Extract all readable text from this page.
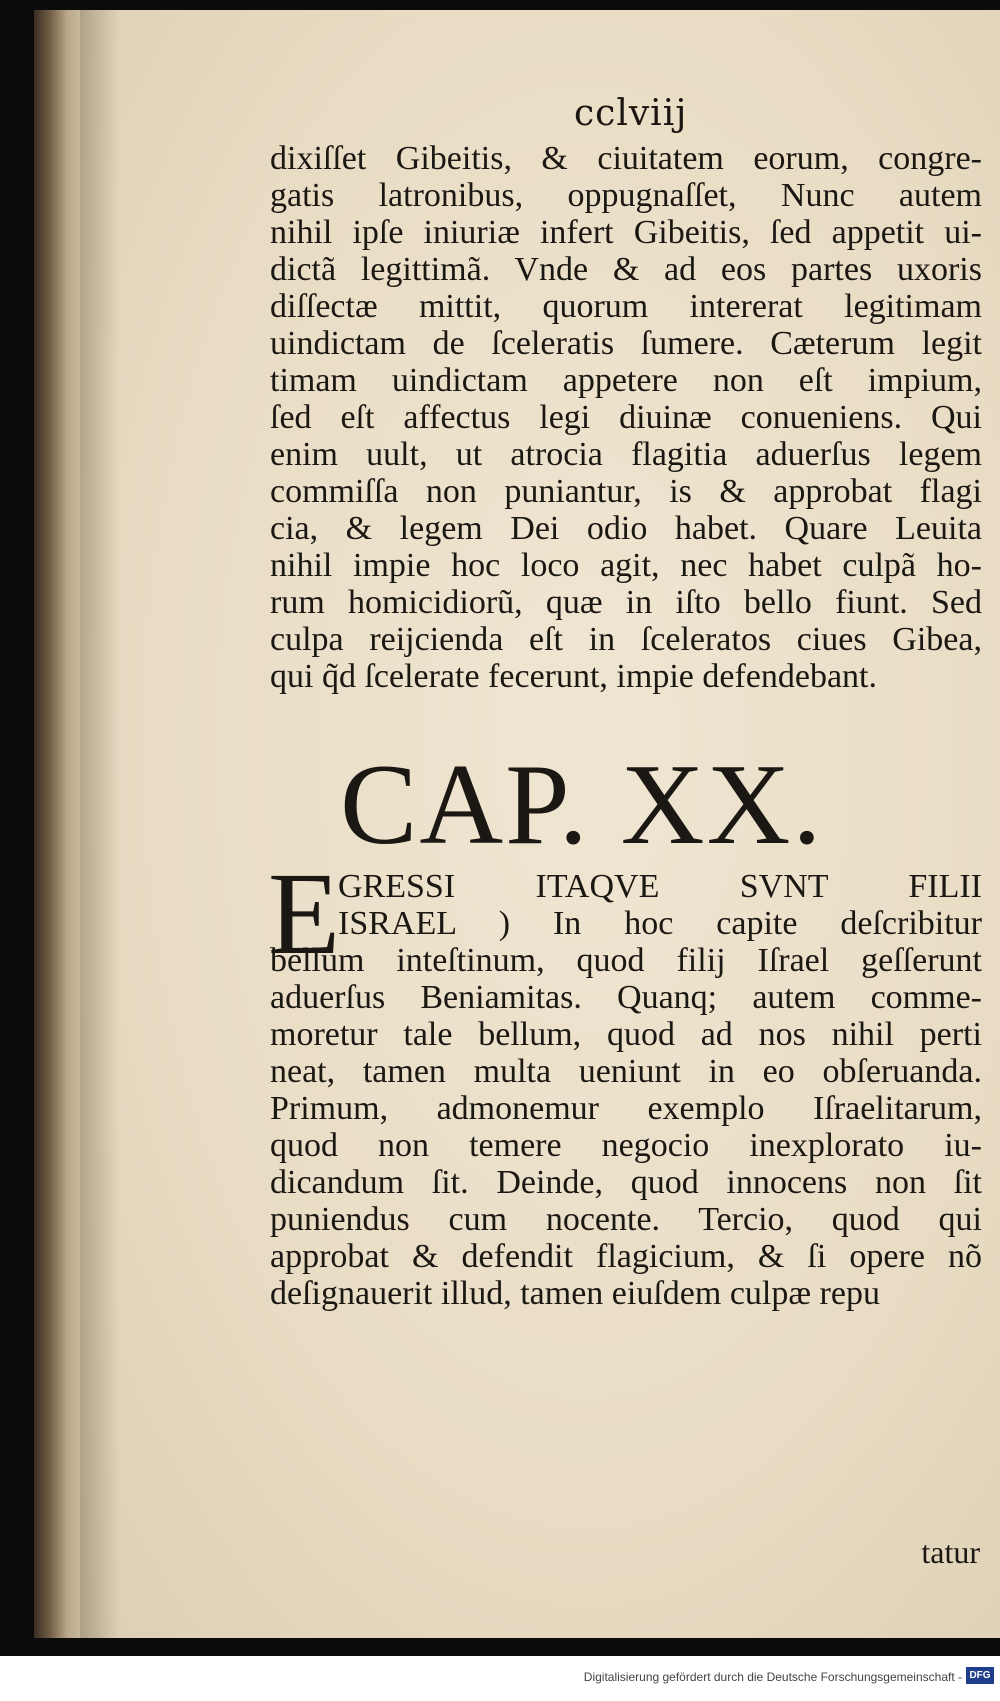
cclviij
dixiſſet Gibeitis, & ciuitatem eorum, congre-
gatis latronibus, oppugnaſſet, Nunc autem
nihil ipſe iniuriæ infert Gibeitis, ſed appetit ui-
dictã legittimã. Vnde & ad eos partes uxoris
diſſectæ mittit, quorum intererat legitimam
uindictam de ſceleratis ſumere. Cæterum legit
timam uindictam appetere non eſt impium,
ſed eſt affectus legi diuinæ conueniens. Qui
enim uult, ut atrocia flagitia aduerſus legem
commiſſa non puniantur, is & approbat flagi
cia, & legem Dei odio habet. Quare Leuita
nihil impie hoc loco agit, nec habet culpã ho-
rum homicidiorũ, quæ in iſto bello fiunt. Sed
culpa reijcienda eſt in ſceleratos ciues Gibea,
qui q̃d ſcelerate fecerunt, impie defendebant.
CAP. XX.
E
GRESSI ITAQVE SVNT FILII
ISRAEL ) In hoc capite deſcribitur
bellum inteſtinum, quod filij Iſrael geſſerunt
aduerſus Beniamitas. Quanq; autem comme-
moretur tale bellum, quod ad nos nihil perti
neat, tamen multa ueniunt in eo obſeruanda.
Primum, admonemur exemplo Iſraelitarum,
quod non temere negocio inexplorato iu-
dicandum ſit. Deinde, quod innocens non ſit
puniendus cum nocente. Tercio, quod qui
approbat & defendit flagicium, & ſi opere nõ
deſignauerit illud, tamen eiuſdem culpæ repu
tatur
Digitalisierung gefördert durch die Deutsche Forschungsgemeinschaft - DFG
